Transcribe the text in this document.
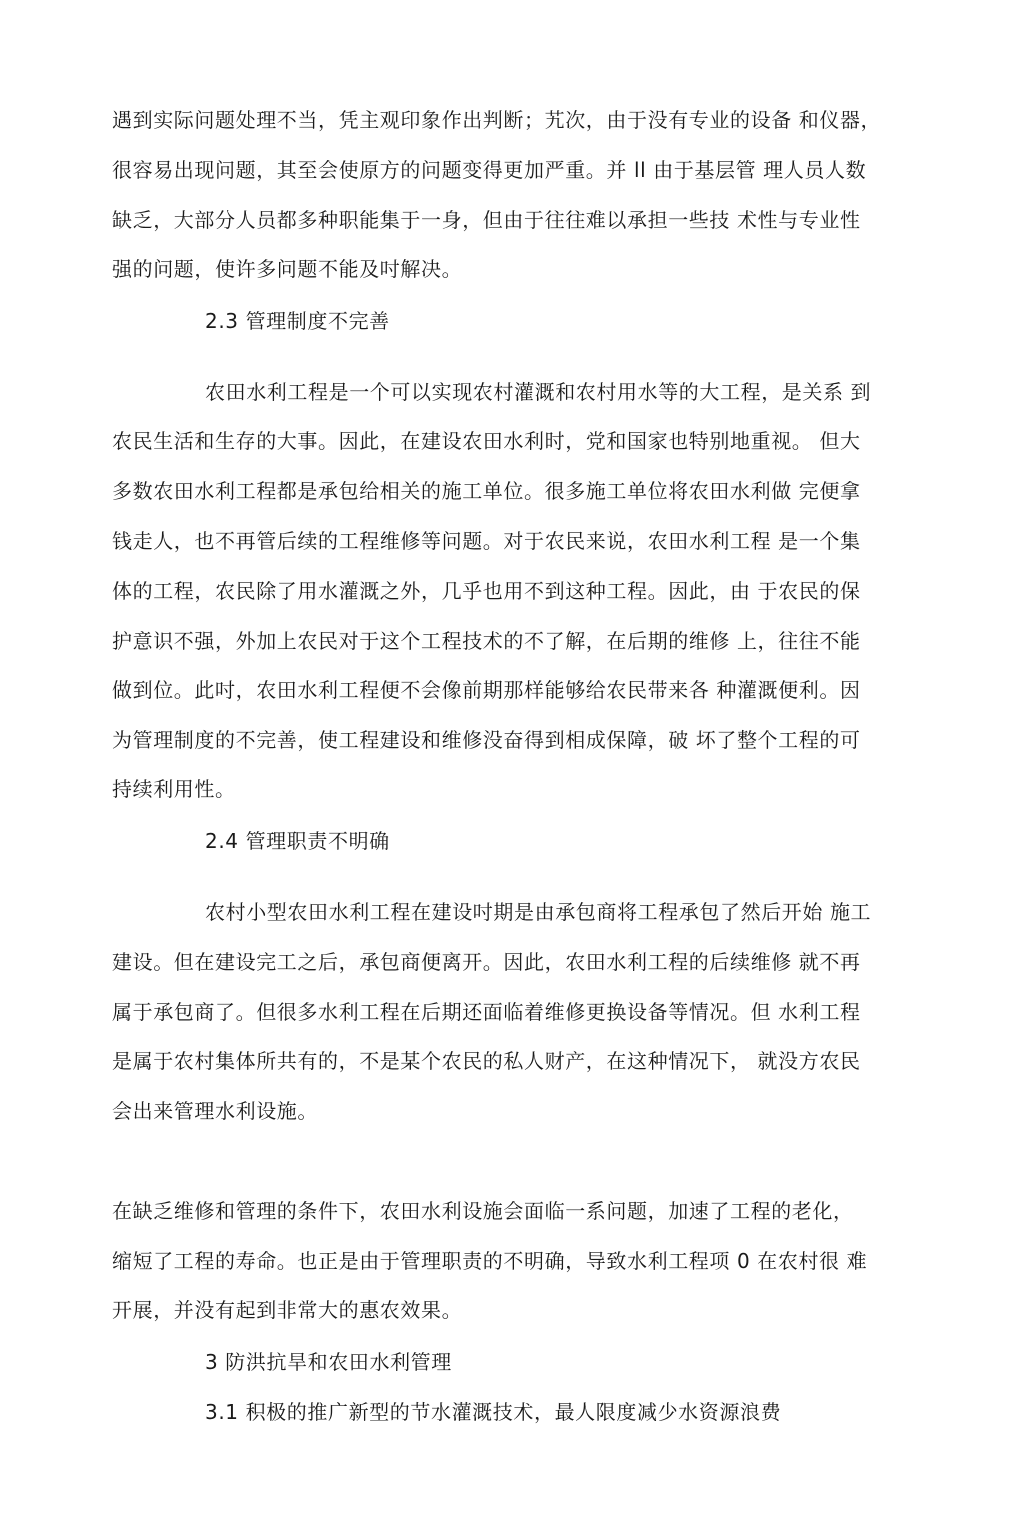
遇到实际问题处理不当，凭主观印象作出判断；艽次，由于没有专业的设备 和仪器，
很容易出现问题，其至会使原方的问题变得更加严重。并 ll 由于基层管 理人员人数
缺乏，大部分人员都多种职能集于一身，但由于往往难以承担一些技 术性与专业性
强的问题，使许多问题不能及吋解决。
2.3 管理制度不完善
农田水利工程是一个可以实现农村灌溉和农村用水等的大工程，是关系 到
农民生活和生存的大事。因此，在建设农田水利时，党和国家也特别地重视。 但大
多数农田水利工程都是承包给相关的施工单位。很多施工单位将农田水利做 完便拿
钱走人，也不再管后续的工程维修等问题。对于农民来说，农田水利工程 是一个集
体的工程，农民除了用水灌溉之外，几乎也用不到这种工程。因此，由 于农民的保
护意识不强，外加上农民对于这个工程技术的不了解，在后期的维修 上，往往不能
做到位。此吋，农田水利工程便不会像前期那样能够给农民带来各 种灌溉便利。因
为管理制度的不完善，使工程建设和维修没奋得到相成保障，破 坏了整个工程的可
持续利用性。
2.4 管理职责不明确
农村小型农田水利工程在建设吋期是由承包商将工程承包了然后开始 施工
建设。但在建设完工之后，承包商便离开。因此，农田水利工程的后续维修 就不再
属于承包商了。但很多水利工程在后期还面临着维修更换设备等情况。但 水利工程
是属于农村集体所共有的，不是某个农民的私人财产，在这种情况下， 就没方农民
会出来管理水利设施。
在缺乏维修和管理的条件下，农田水利设施会面临一系问题，加速了工程的老化，
缩短了工程的寿命。也正是由于管理职责的不明确，导致水利工程项 0 在农村很 难
开展，并没有起到非常大的惠农效果。
3 防洪抗旱和农田水利管理
3.1 积极的推广新型的节水灌溉技术，最人限度减少水资源浪费
